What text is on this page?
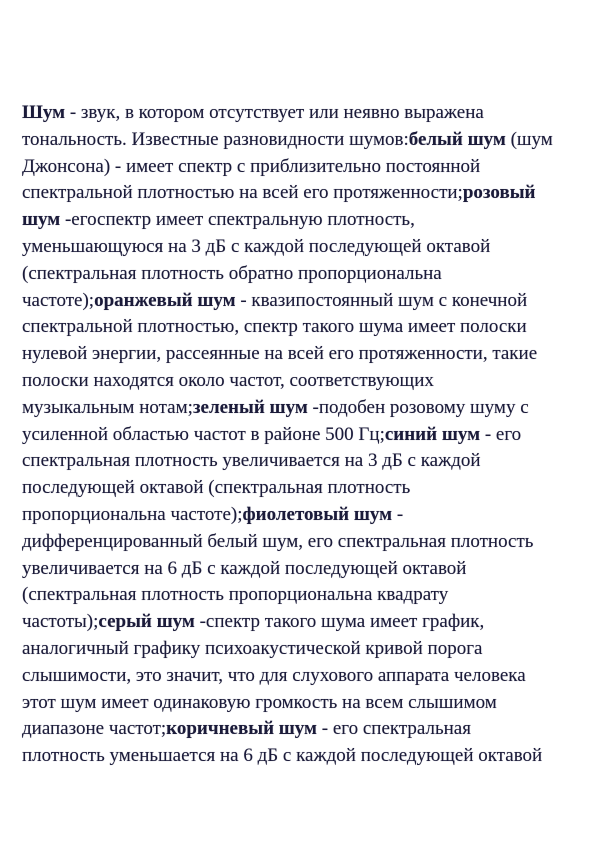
Шум - звук, в котором отсутствует или неявно выражена
тональность. Известные разновидности шумов:белый шум (шум
Джонсона) - имеет спектр с приблизительно постоянной
спектральной плотностью на всей его протяженности;розовый
шум -егоспектр имеет спектральную плотность,
уменьшающуюся на 3 дБ с каждой последующей октавой
(спектральная плотность обратно пропорциональна
частоте);оранжевый шум - квазипостоянный шум с конечной
спектральной плотностью, спектр такого шума имеет полоски
нулевой энергии, рассеянные на всей его протяженности, такие
полоски находятся около частот, соответствующих
музыкальным нотам;зеленый шум -подобен розовому шуму с
усиленной областью частот в районе 500 Гц;синий шум - его
спектральная плотность увеличивается на 3 дБ с каждой
последующей октавой (спектральная плотность
пропорциональна частоте);фиолетовый шум -
дифференцированный белый шум, его спектральная плотность
увеличивается на 6 дБ с каждой последующей октавой
(спектральная плотность пропорциональна квадрату
частоты);серый шум -спектр такого шума имеет график,
аналогичный графику психоакустической кривой порога
слышимости, это значит, что для слухового аппарата человека
этот шум имеет одинаковую громкость на всем слышимом
диапазоне частот;коричневый шум - его спектральная
плотность уменьшается на 6 дБ с каждой последующей октавой
